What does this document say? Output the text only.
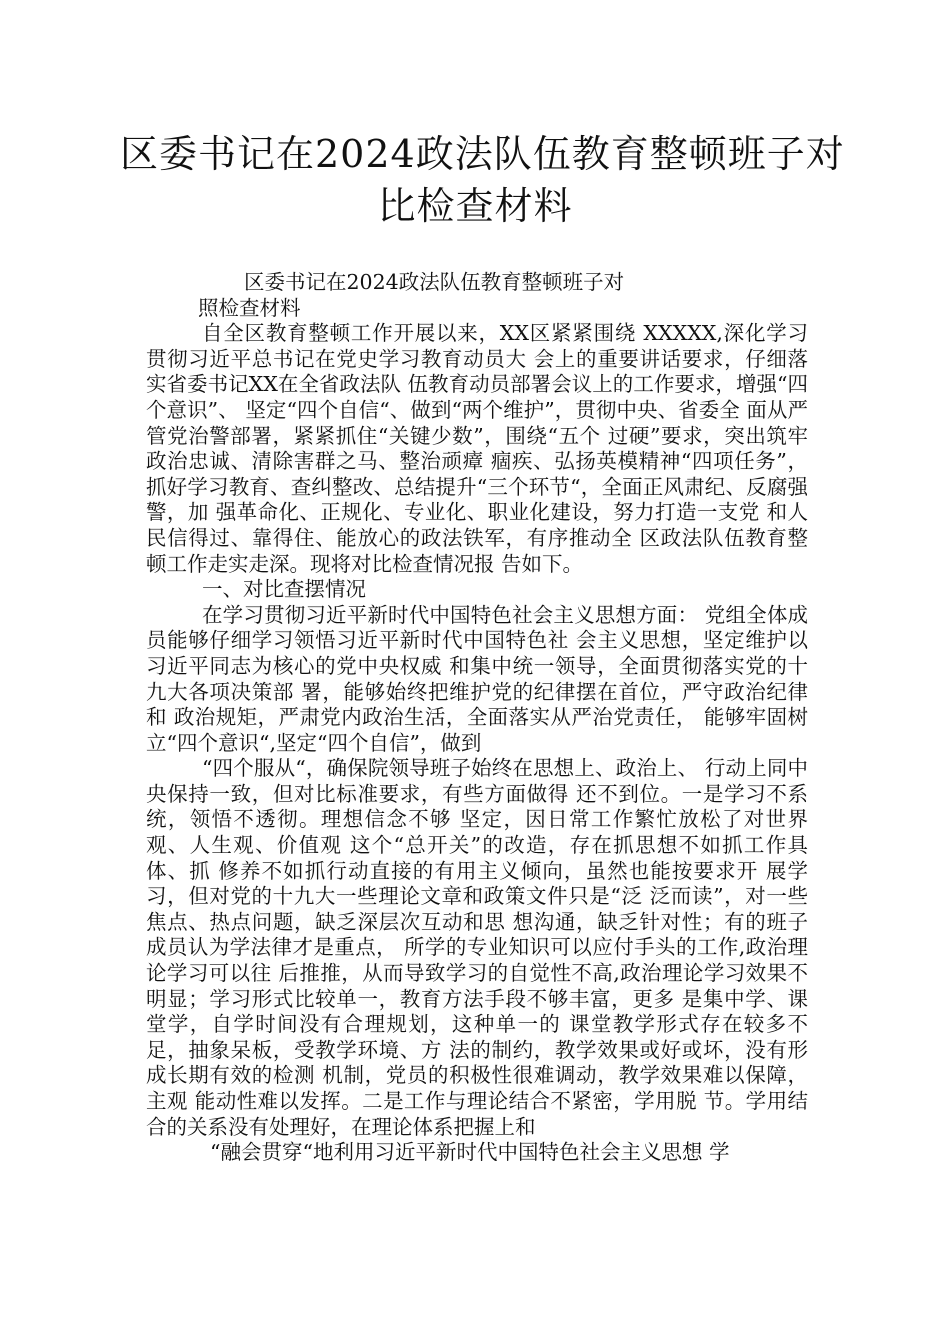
区委书记在2024政法队伍教育整顿班子对
比检查材料
区委书记在2024政法队伍教育整顿班子对
照检查材料

自全区教育整顿工作开展以来，XX区紧紧围绕 XXXXX,深化学习贯彻习近平总书记在党史学习教育动员大 会上的重要讲话要求，仔细落实省委书记XX在全省政法队 伍教育动员部署会议上的工作要求，增强“四个意识”、 坚定“四个自信“、做到“两个维护”，贯彻中央、省委全 面从严管党治警部署，紧紧抓住“关键少数”，围绕“五个 过硬”要求，突出筑牢政治忠诚、清除害群之马、整治顽瘴 痼疾、弘扬英模精神“四项任务”，抓好学习教育、查纠整改、总结提升“三个环节“，全面正风肃纪、反腐强警，加 强革命化、正规化、专业化、职业化建设，努力打造一支党 和人民信得过、靠得住、能放心的政法铁军，有序推动全 区政法队伍教育整顿工作走实走深。现将对比检查情况报 告如下。

一、对比查摆情况

在学习贯彻习近平新时代中国特色社会主义思想方面： 党组全体成员能够仔细学习领悟习近平新时代中国特色社 会主义思想，坚定维护以习近平同志为核心的党中央权威 和集中统一领导，全面贯彻落实党的十九大各项决策部 署，能够始终把维护党的纪律摆在首位，严守政治纪律和 政治规矩，严肃党内政治生活，全面落实从严治党责任， 能够牢固树立“四个意识“,坚定“四个自信”，做到

“四个服从“，确保院领导班子始终在思想上、政治上、 行动上同中央保持一致，但对比标准要求，有些方面做得 还不到位。一是学习不系统，领悟不透彻。理想信念不够 坚定，因日常工作繁忙放松了对世界观、人生观、价值观 这个“总开关”的改造，存在抓思想不如抓工作具体、抓 修养不如抓行动直接的有用主义倾向，虽然也能按要求开 展学习，但对党的十九大一些理论文章和政策文件只是“泛 泛而读”，对一些焦点、热点问题，缺乏深层次互动和思 想沟通，缺乏针对性；有的班子成员认为学法律才是重点， 所学的专业知识可以应付手头的工作,政治理论学习可以往 后推推，从而导致学习的自觉性不高,政治理论学习效果不 明显；学习形式比较单一，教育方法手段不够丰富，更多 是集中学、课堂学，自学时间没有合理规划，这种单一的 课堂教学形式存在较多不足，抽象呆板，受教学环境、方 法的制约，教学效果或好或坏，没有形成长期有效的检测 机制，党员的积极性很难调动，教学效果难以保障，主观 能动性难以发挥。二是工作与理论结合不紧密，学用脱 节。学用结合的关系没有处理好，在理论体系把握上和

“融会贯穿“地利用习近平新时代中国特色社会主义思想 学
